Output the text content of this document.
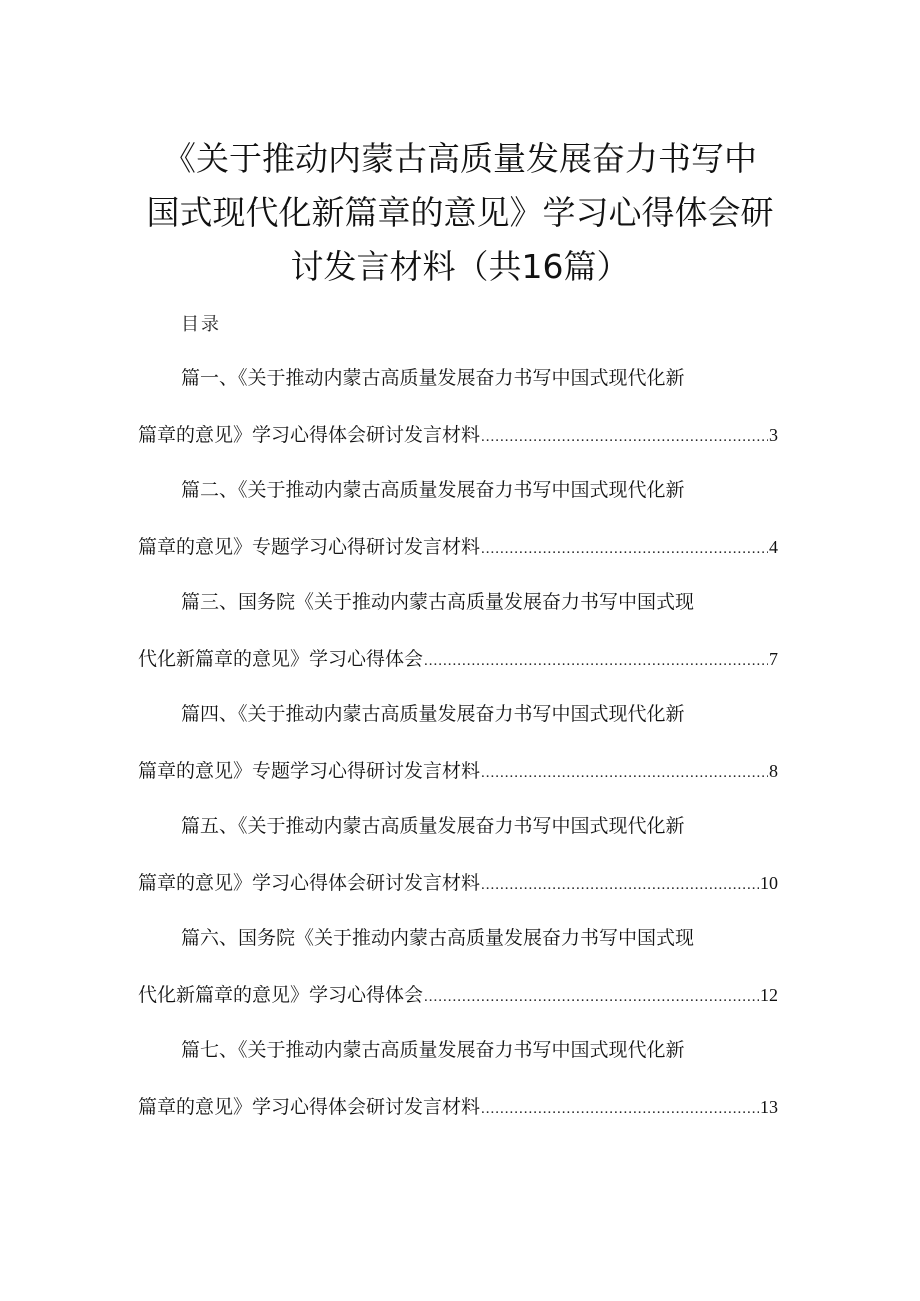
《关于推动内蒙古高质量发展奋力书写中
国式现代化新篇章的意见》学习心得体会研
讨发言材料（共16篇）
目录
篇一、《关于推动内蒙古高质量发展奋力书写中国式现代化新
篇章的意见》学习心得体会研讨发言材料 .....	3
篇二、《关于推动内蒙古高质量发展奋力书写中国式现代化新
篇章的意见》专题学习心得研讨发言材料 .....	4
篇三、国务院《关于推动内蒙古高质量发展奋力书写中国式现
代化新篇章的意见》学习心得体会 .....	7
篇四、《关于推动内蒙古高质量发展奋力书写中国式现代化新
篇章的意见》专题学习心得研讨发言材料 .....	8
篇五、《关于推动内蒙古高质量发展奋力书写中国式现代化新
篇章的意见》学习心得体会研讨发言材料 .....	10
篇六、国务院《关于推动内蒙古高质量发展奋力书写中国式现
代化新篇章的意见》学习心得体会 .....	12
篇七、《关于推动内蒙古高质量发展奋力书写中国式现代化新
篇章的意见》学习心得体会研讨发言材料 .....	13
